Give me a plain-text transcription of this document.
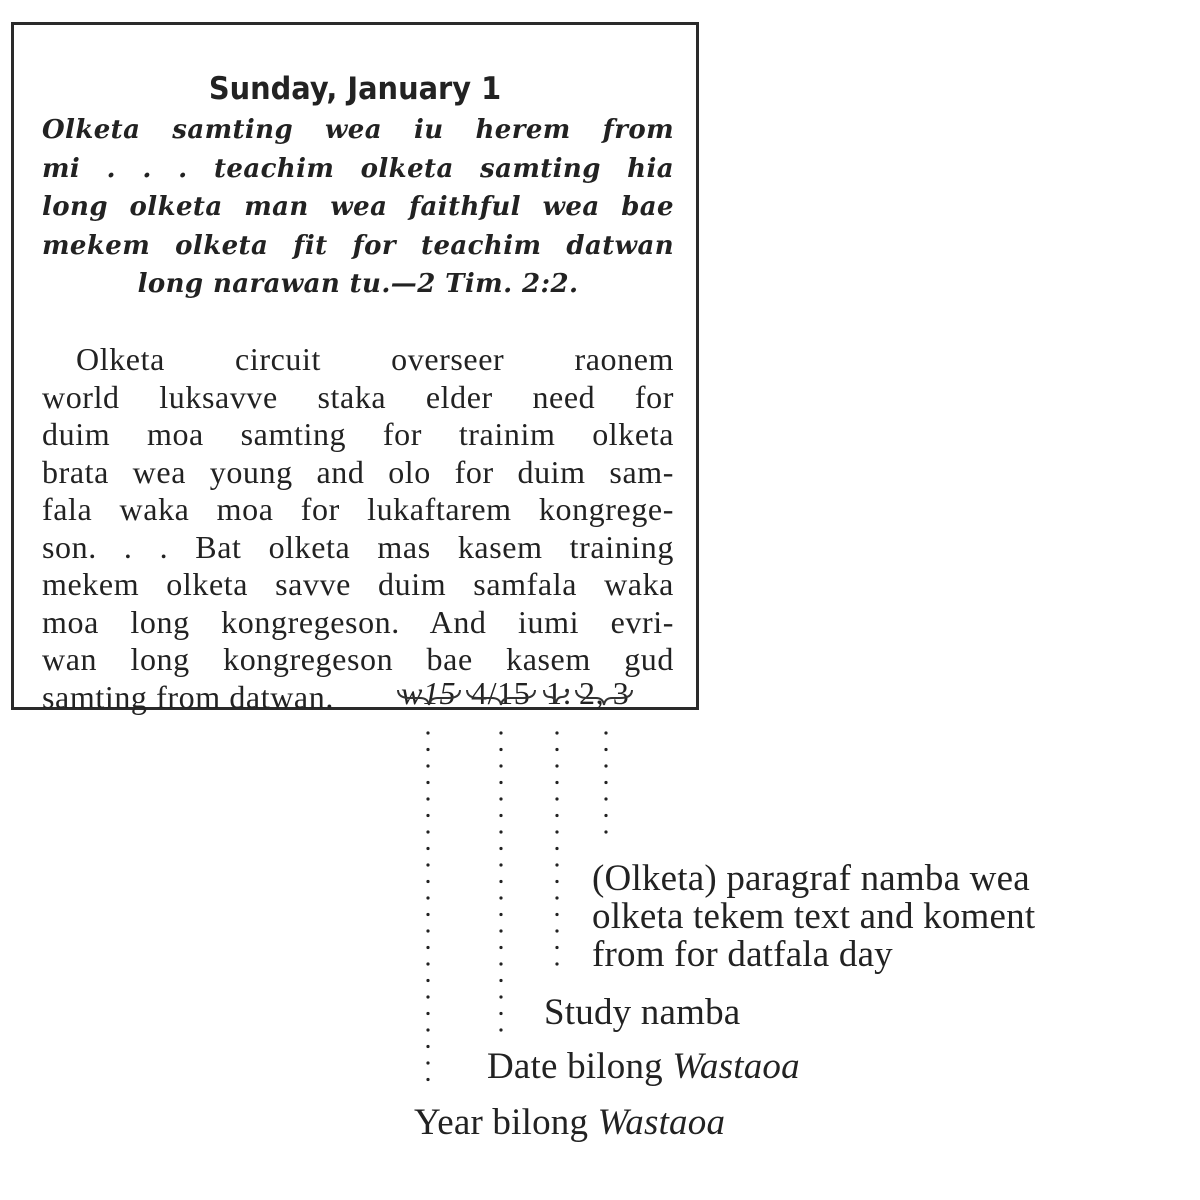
Sunday, January 1
Olketa samting wea iu herem from
mi . . . teachim olketa samting hia
long olketa man wea faithful wea bae
mekem olketa fit for teachim datwan
long narawan tu.—2 Tim. 2:2.
Olketa circuit overseer raonem
world luksavve staka elder need for
duim moa samting for trainim olketa
brata wea young and olo for duim sam-
fala waka moa for lukaftarem kongrege-
son. . . Bat olketa mas kasem training
mekem olketa savve duim samfala waka
moa long kongregeson. And iumi evri-
wan long kongregeson bae kasem gud
samting from datwan.	w15 4/15 1: 2, 3
(Olketa) paragraf namba wea
olketa tekem text and koment
from for datfala day
Study namba
Date bilong Wastaoa
Year bilong Wastaoa
